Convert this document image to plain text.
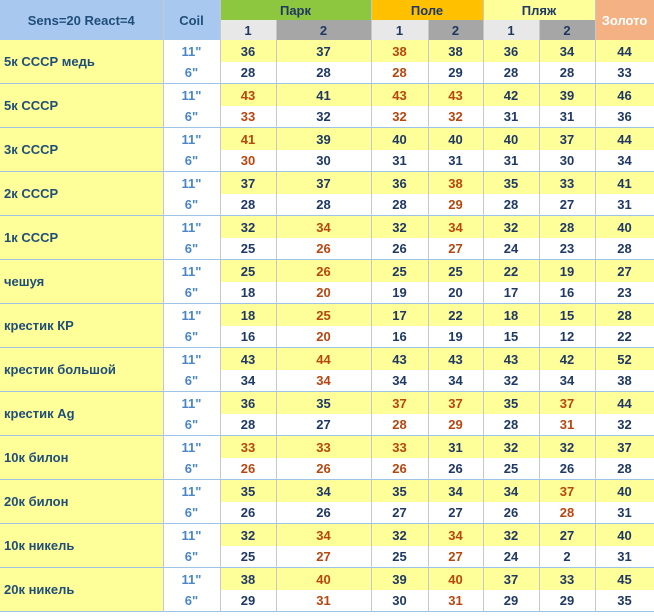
Sens=20 React=4	Coil	Парк		Поле		Пляж		Золото
		1	2	1	2	1	2	
5к СССР медь	11"	36	37	38	38	36	34	44
	6"	28	28	28	29	28	28	33
5к СССР	11"	43	41	43	43	42	39	46
	6"	33	32	32	32	31	31	36
3к СССР	11"	41	39	40	40	40	37	44
	6"	30	30	31	31	31	30	34
2к СССР	11"	37	37	36	38	35	33	41
	6"	28	28	28	29	28	27	31
1к СССР	11"	32	34	32	34	32	28	40
	6"	25	26	26	27	24	23	28
чешуя	11"	25	26	25	25	22	19	27
	6"	18	20	19	20	17	16	23
крестик КР	11"	18	25	17	22	18	15	28
	6"	16	20	16	19	15	12	22
крестик большой	11"	43	44	43	43	43	42	52
	6"	34	34	34	34	32	34	38
крестик Ag	11"	36	35	37	37	35	37	44
	6"	28	27	28	29	28	31	32
10к билон	11"	33	33	33	31	32	32	37
	6"	26	26	26	26	25	26	28
20к билон	11"	35	34	35	34	34	37	40
	6"	26	26	27	27	26	28	31
10к никель	11"	32	34	32	34	32	27	40
	6"	25	27	25	27	24	2	31
20к никель	11"	38	40	39	40	37	33	45
	6"	29	31	30	31	29	29	35
